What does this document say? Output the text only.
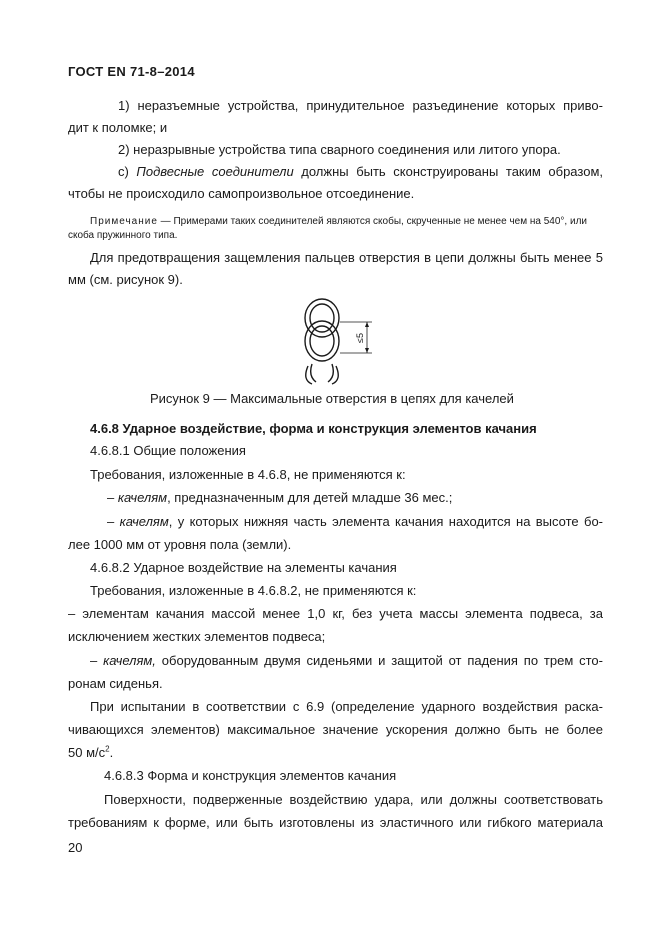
ГОСТ EN 71-8–2014
1) неразъемные устройства, принудительное разъединение которых приво-
дит к поломке; и
2) неразрывные устройства типа сварного соединения или литого упора.
c) Подвесные соединители должны быть сконструированы таким образом,
чтобы не происходило самопроизвольное отсоединение.
Примечание — Примерами таких соединителей являются скобы, скрученные не менее чем на 540°, или
скоба пружинного типа.
Для предотвращения защемления пальцев отверстия в цепи должны быть менее 5
мм (см. рисунок 9).
≤5
Рисунок 9 — Максимальные отверстия в цепях для качелей
4.6.8 Ударное воздействие, форма и конструкция элементов качания
4.6.8.1 Общие положения
Требования, изложенные в 4.6.8, не применяются к:
– качелям, предназначенным для детей младше 36 мес.;
– качелям, у которых нижняя часть элемента качания находится на высоте бо-
лее 1000 мм от уровня пола (земли).
4.6.8.2 Ударное воздействие на элементы качания
Требования, изложенные в 4.6.8.2, не применяются к:
– элементам качания массой менее 1,0 кг, без учета массы элемента подвеса, за
исключением жестких элементов подвеса;
– качелям, оборудованным двумя сиденьями и защитой от падения по трем сто-
ронам сиденья.
При испытании в соответствии с 6.9 (определение ударного воздействия раска-
чивающихся элементов) максимальное значение ускорения должно быть не более
50 $м/с^2$.
4.6.8.3 Форма и конструкция элементов качания
Поверхности, подверженные воздействию удара, или должны соответствовать
требованиям к форме, или быть изготовлены из эластичного или гибкого материала
20
